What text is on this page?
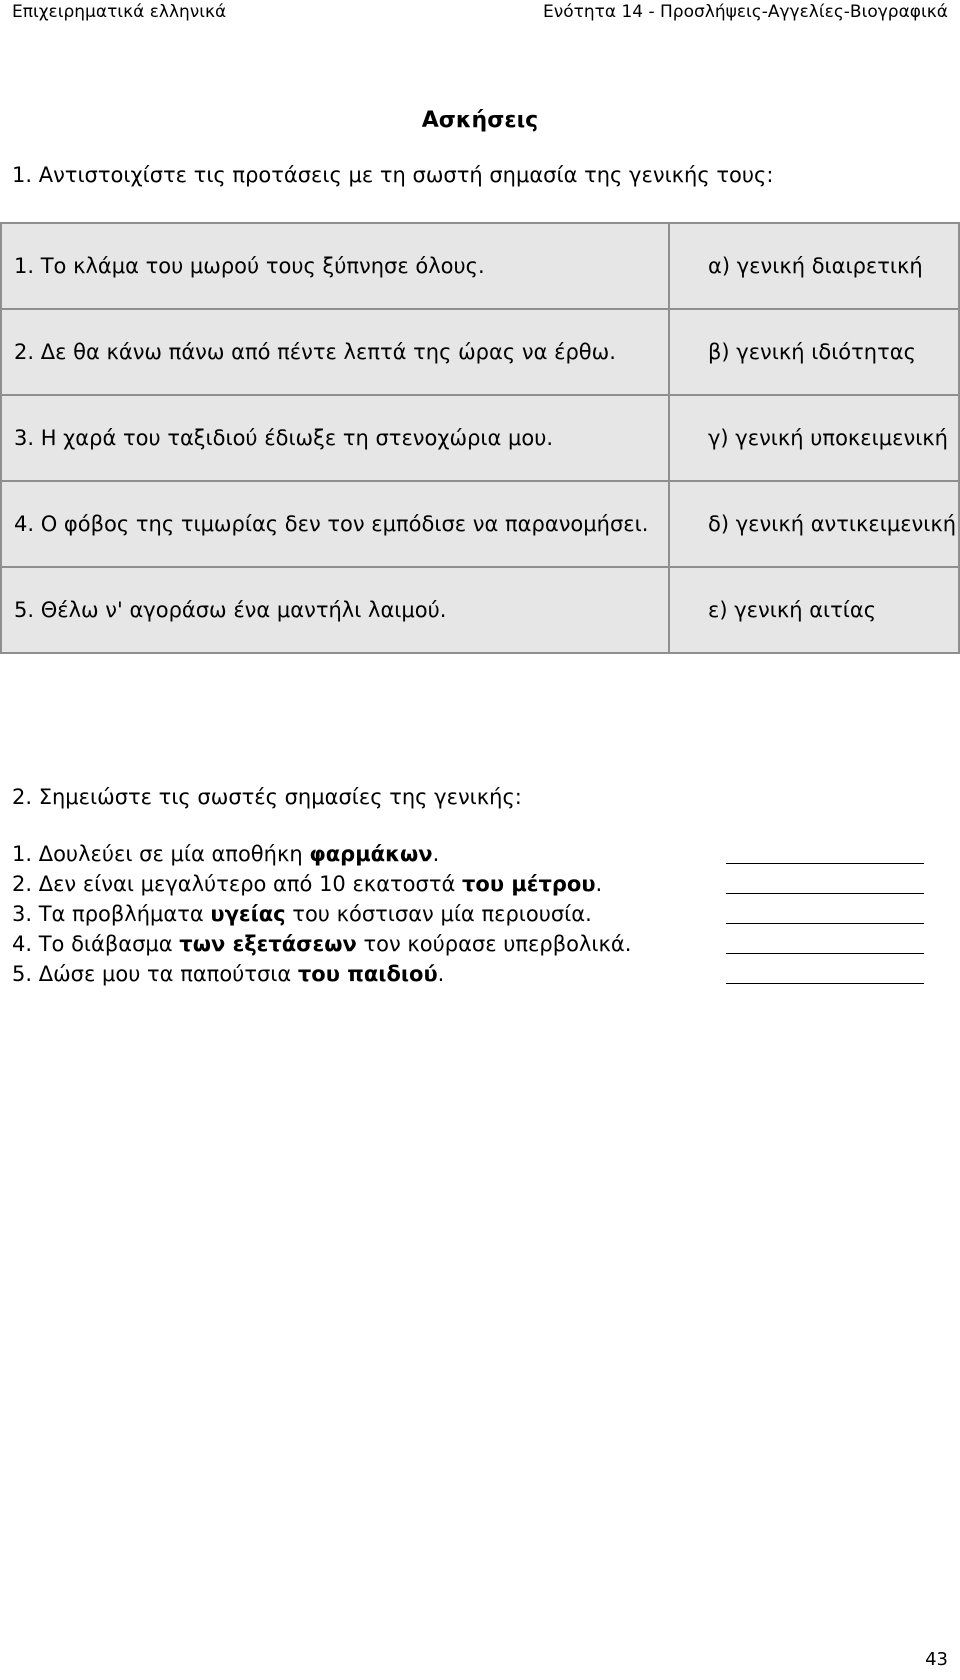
Επιχειρηματικά ελληνικά	Ενότητα 14 - Προσλήψεις-Αγγελίες-Βιογραφικά
Ασκήσεις
1. Αντιστοιχίστε τις προτάσεις με τη σωστή σημασία της γενικής τους:
1. Το κλάμα του μωρού τους ξύπνησε όλους.	α) γενική διαιρετική
2. Δε θα κάνω πάνω από πέντε λεπτά της ώρας να έρθω.	β) γενική ιδιότητας
3. Η χαρά του ταξιδιού έδιωξε τη στενοχώρια μου.	γ) γενική υποκειμενική
4. Ο φόβος της τιμωρίας δεν τον εμπόδισε να παρανομήσει.	δ) γενική αντικειμενική
5. Θέλω ν' αγοράσω ένα μαντήλι λαιμού.	ε) γενική αιτίας
2. Σημειώστε τις σωστές σημασίες της γενικής:
1. Δουλεύει σε μία αποθήκη φαρμάκων.
2. Δεν είναι μεγαλύτερο από 10 εκατοστά του μέτρου.
3. Τα προβλήματα υγείας του κόστισαν μία περιουσία.
4. Το διάβασμα των εξετάσεων τον κούρασε υπερβολικά.
5. Δώσε μου τα παπούτσια του παιδιού.
43
